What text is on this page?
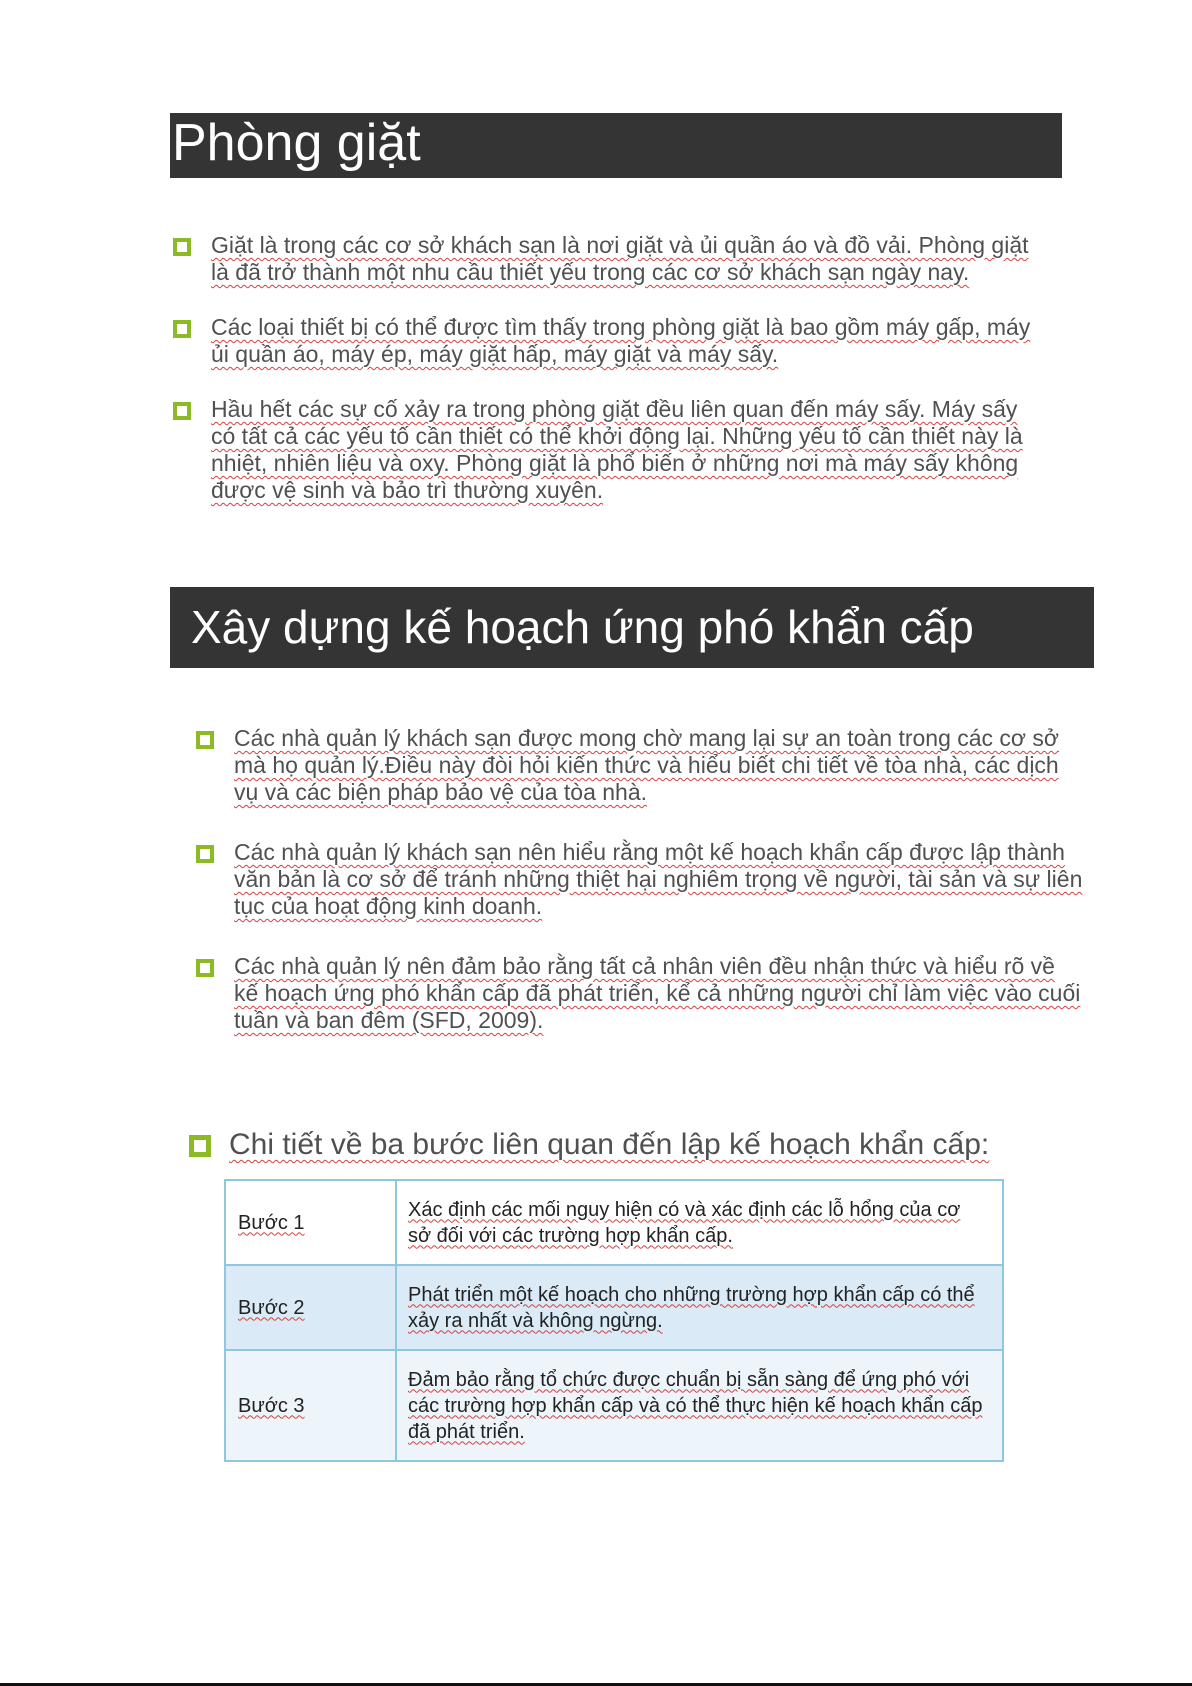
Phòng giặt
Giặt là trong các cơ sở khách sạn là nơi giặt và ủi quần áo và đồ vải. Phòng giặt là đã trở thành một nhu cầu thiết yếu trong các cơ sở khách sạn ngày nay.
Các loại thiết bị có thể được tìm thấy trong phòng giặt là bao gồm máy gấp, máy ủi quần áo, máy ép, máy giặt hấp, máy giặt và máy sấy.
Hầu hết các sự cố xảy ra trong phòng giặt đều liên quan đến máy sấy. Máy sấy có tất cả các yếu tố cần thiết có thể khởi động lại. Những yếu tố cần thiết này là nhiệt, nhiên liệu và oxy. Phòng giặt là phổ biến ở những nơi mà máy sấy không được vệ sinh và bảo trì thường xuyên.
Xây dựng kế hoạch ứng phó khẩn cấp
Các nhà quản lý khách sạn được mong chờ mang lại sự an toàn trong các cơ sở mà họ quản lý.Điều này đòi hỏi kiến thức và hiểu biết chi tiết về tòa nhà, các dịch vụ và các biện pháp bảo vệ của tòa nhà.
Các nhà quản lý khách sạn nên hiểu rằng một kế hoạch khẩn cấp được lập thành văn bản là cơ sở để tránh những thiệt hại nghiêm trọng về người, tài sản và sự liên tục của hoạt động kinh doanh.
Các nhà quản lý nên đảm bảo rằng tất cả nhân viên đều nhận thức và hiểu rõ về kế hoạch ứng phó khẩn cấp đã phát triển, kể cả những người chỉ làm việc vào cuối tuần và ban đêm (SFD, 2009).
Chi tiết về ba bước liên quan đến lập kế hoạch khẩn cấp:
Bước 1	Xác định các mối nguy hiện có và xác định các lỗ hổng của cơ sở đối với các trường hợp khẩn cấp.
Bước 2	Phát triển một kế hoạch cho những trường hợp khẩn cấp có thể xảy ra nhất và không ngừng.
Bước 3	Đảm bảo rằng tổ chức được chuẩn bị sẵn sàng để ứng phó với các trường hợp khẩn cấp và có thể thực hiện kế hoạch khẩn cấp đã phát triển.
